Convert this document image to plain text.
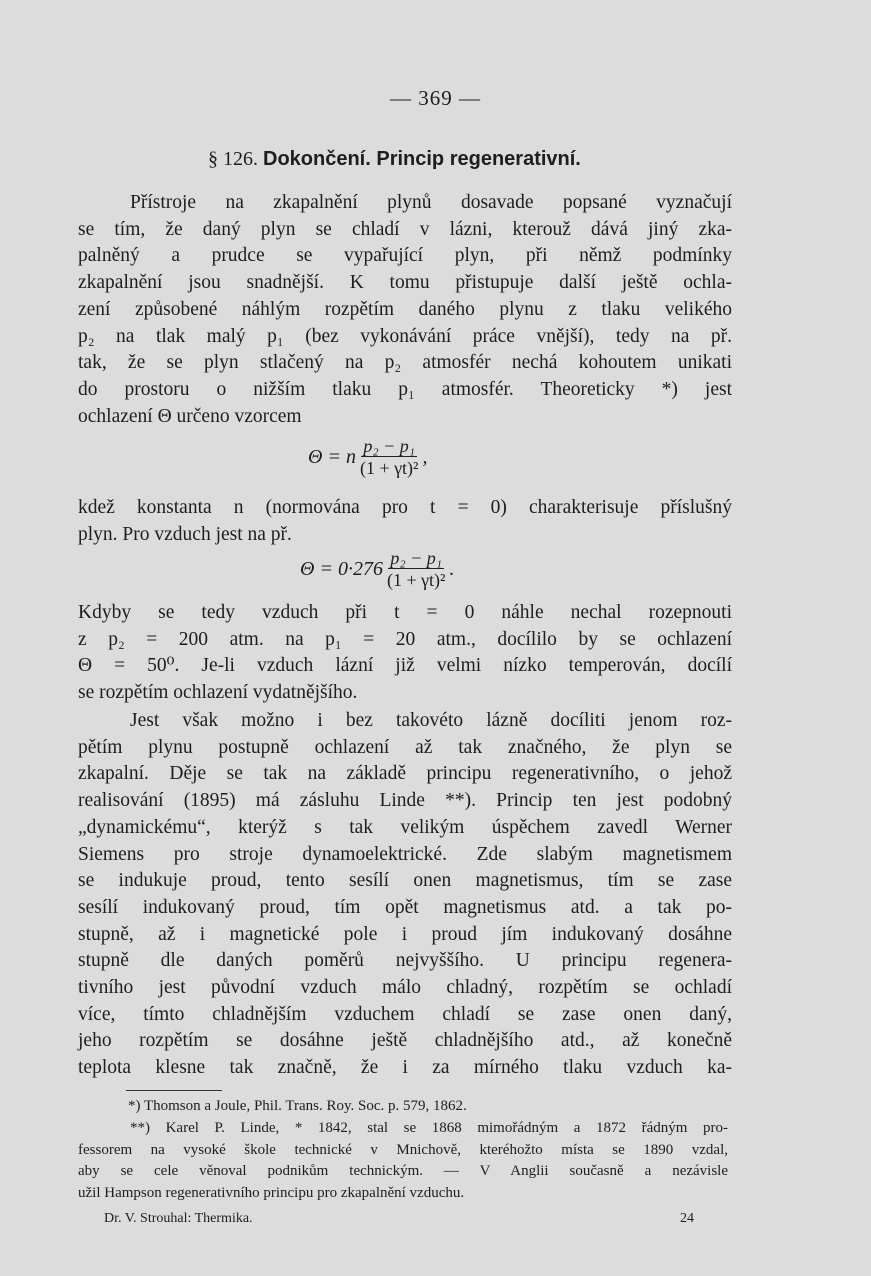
— 369 —
§ 126. Dokončení. Princip regenerativní.
Přístroje na zkapalnění plynů dosavade popsané vyznačují
se tím, že daný plyn se chladí v lázni, kterouž dává jiný zka-
palněný a prudce se vypařující plyn, při němž podmínky
zkapalnění jsou snadnější. K tomu přistupuje další ještě ochla-
zení způsobené náhlým rozpětím daného plynu z tlaku velikého
p₂ na tlak malý p₁ (bez vykonávání práce vnější), tedy na př.
tak, že se plyn stlačený na p₂ atmosfér nechá kohoutem unikati
do prostoru o nižším tlaku p₁ atmosfér. Theoreticky *) jest
ochlazení Θ určeno vzorcem
Θ = n $\frac{\text{p₂ − p₁}}{\text{(1 + γt)²}}$ ,
kdež konstanta n (normována pro t = 0) charakterisuje příslušný
plyn. Pro vzduch jest na př.
$\Theta = 0\cdot 276 \frac{\text{p₂ − p₁}}{\text{(1 + γt)²}}$ .
Kdyby se tedy vzduch při t = 0 náhle nechal rozepnouti
z p₂ = 200 atm. na p₁ = 20 atm., docílilo by se ochlazení
Θ = 50⁰. Je-li vzduch lázní již velmi nízko temperován, docílí
se rozpětím ochlazení vydatnějšího.
Jest však možno i bez takovéto lázně docíliti jenom roz-
pětím plynu postupně ochlazení až tak značného, že plyn se
zkapalní. Děje se tak na základě principu regenerativního, o jehož
realisování (1895) má zásluhu Linde **). Princip ten jest podobný
„dynamickému“, kterýž s tak velikým úspěchem zavedl Werner
Siemens pro stroje dynamoelektrické. Zde slabým magnetismem
se indukuje proud, tento sesílí onen magnetismus, tím se zase
sesílí indukovaný proud, tím opět magnetismus atd. a tak po-
stupně, až i magnetické pole i proud jím indukovaný dosáhne
stupně dle daných poměrů nejvyššího. U principu regenera-
tivního jest původní vzduch málo chladný, rozpětím se ochladí
více, tímto chladnějším vzduchem chladí se zase onen daný,
jeho rozpětím se dosáhne ještě chladnějšího atd., až konečně
teplota klesne tak značně, že i za mírného tlaku vzduch ka-
*) Thomson a Joule, Phil. Trans. Roy. Soc. p. 579, 1862.
**) Karel P. Linde, * 1842, stal se 1868 mimořádným a 1872 řádným pro-
fessorem na vysoké škole technické v Mnichově, kteréhožto místa se 1890 vzdal,
aby se cele věnoval podnikům technickým. — V Anglii současně a nezávisle
užil Hampson regenerativního principu pro zkapalnění vzduchu.
Dr. V. Strouhal: Thermika.	24
